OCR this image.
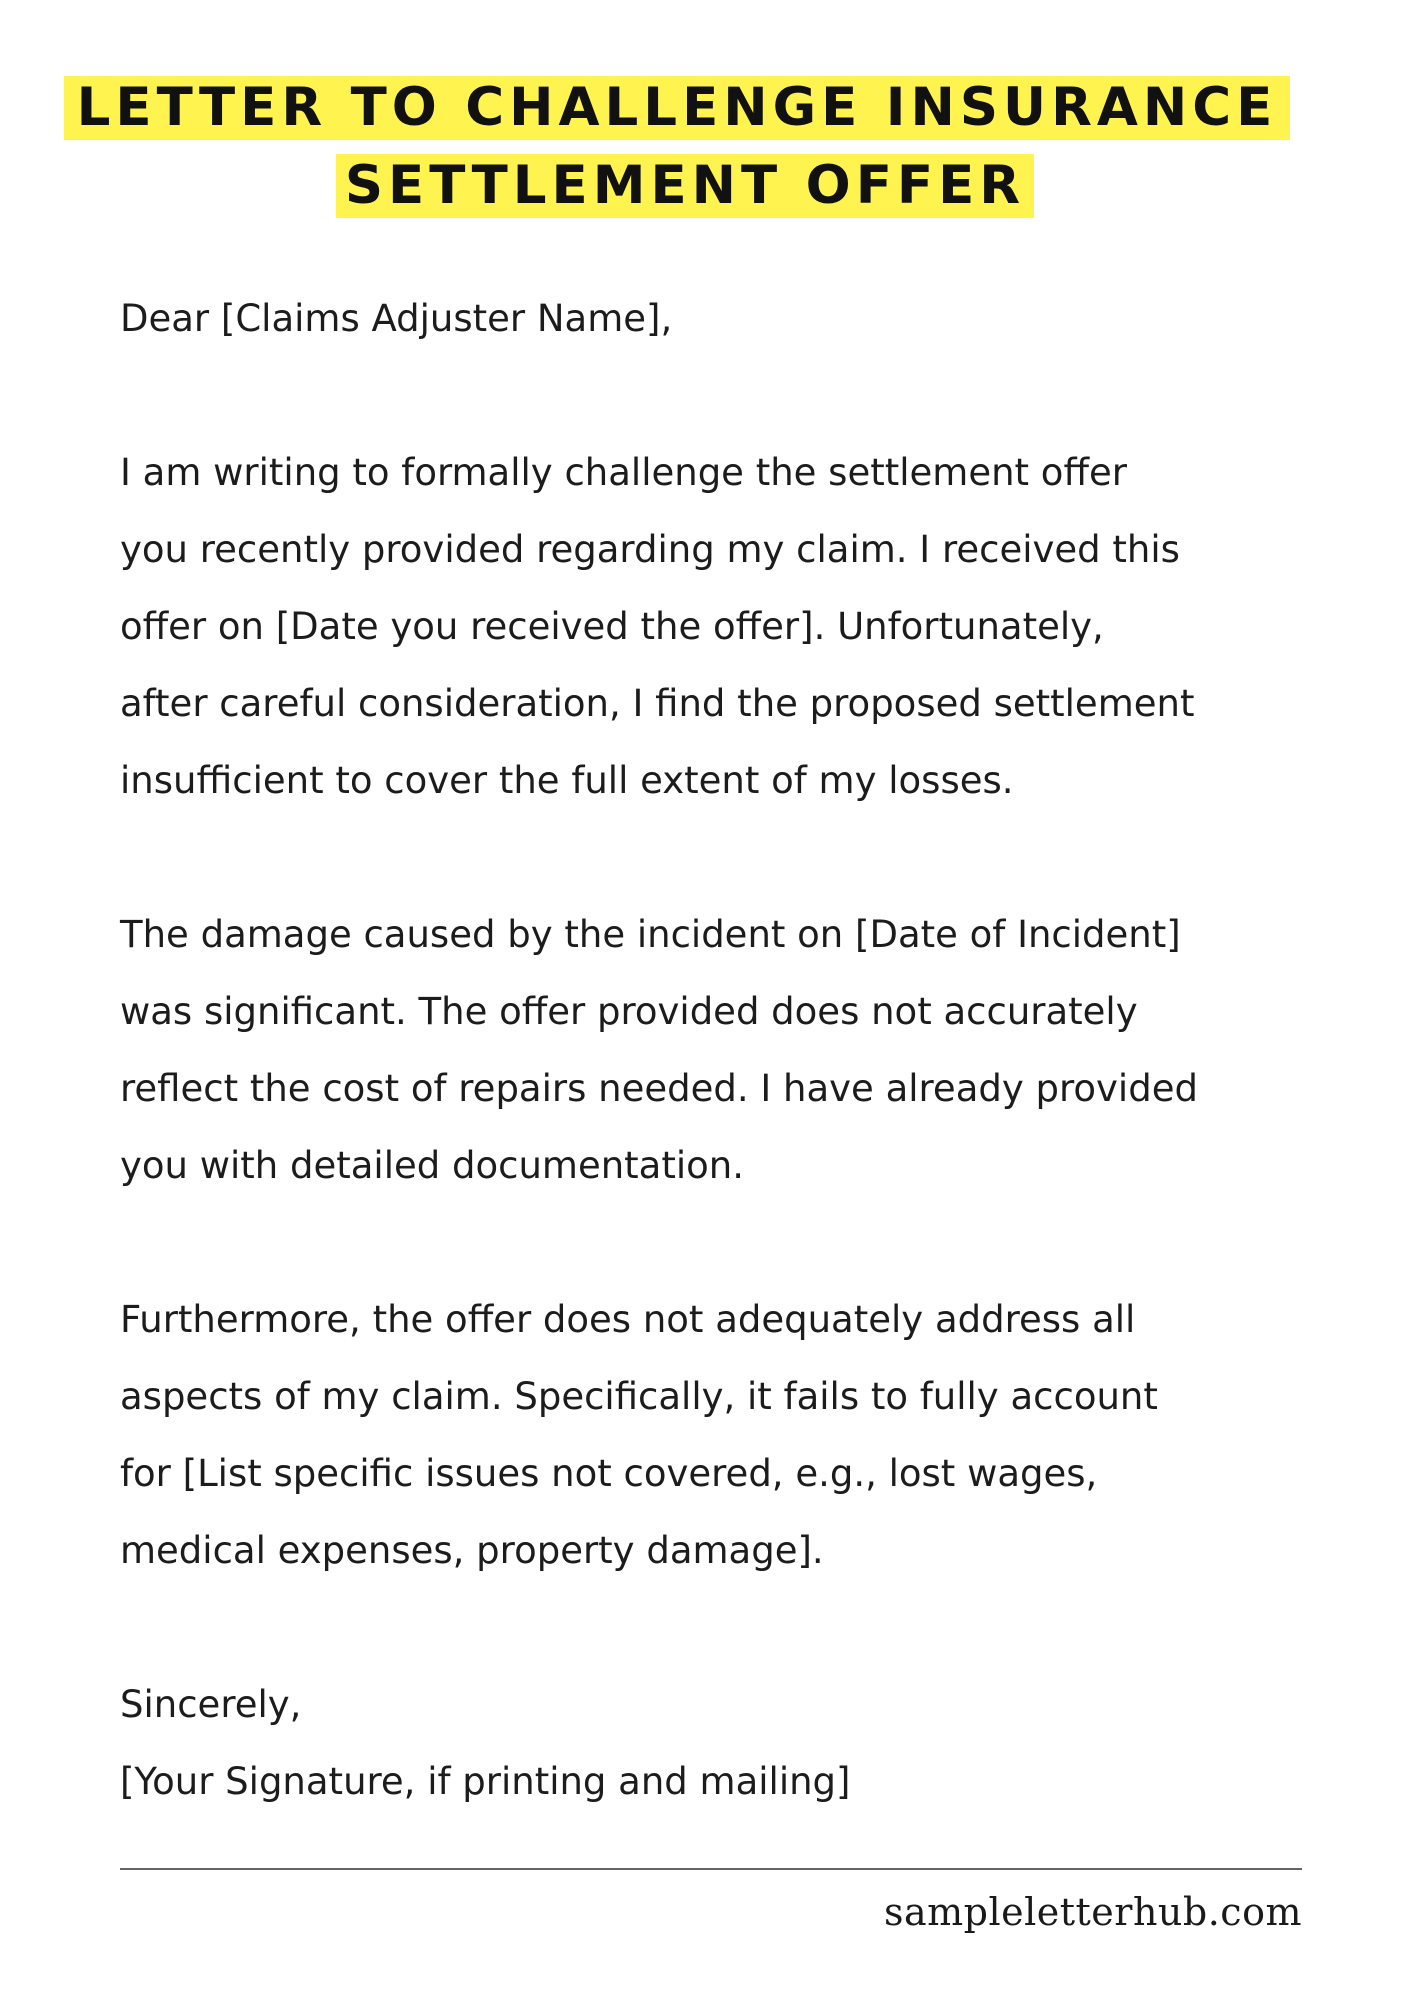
LETTER TO CHALLENGE INSURANCE
SETTLEMENT OFFER

Dear [Claims Adjuster Name],

I am writing to formally challenge the settlement offer
you recently provided regarding my claim. I received this
offer on [Date you received the offer]. Unfortunately,
after careful consideration, I find the proposed settlement
insufficient to cover the full extent of my losses.

The damage caused by the incident on [Date of Incident]
was significant. The offer provided does not accurately
reflect the cost of repairs needed. I have already provided
you with detailed documentation.

Furthermore, the offer does not adequately address all
aspects of my claim. Specifically, it fails to fully account
for [List specific issues not covered, e.g., lost wages,
medical expenses, property damage].

Sincerely,
[Your Signature, if printing and mailing]

sampleletterhub.com
